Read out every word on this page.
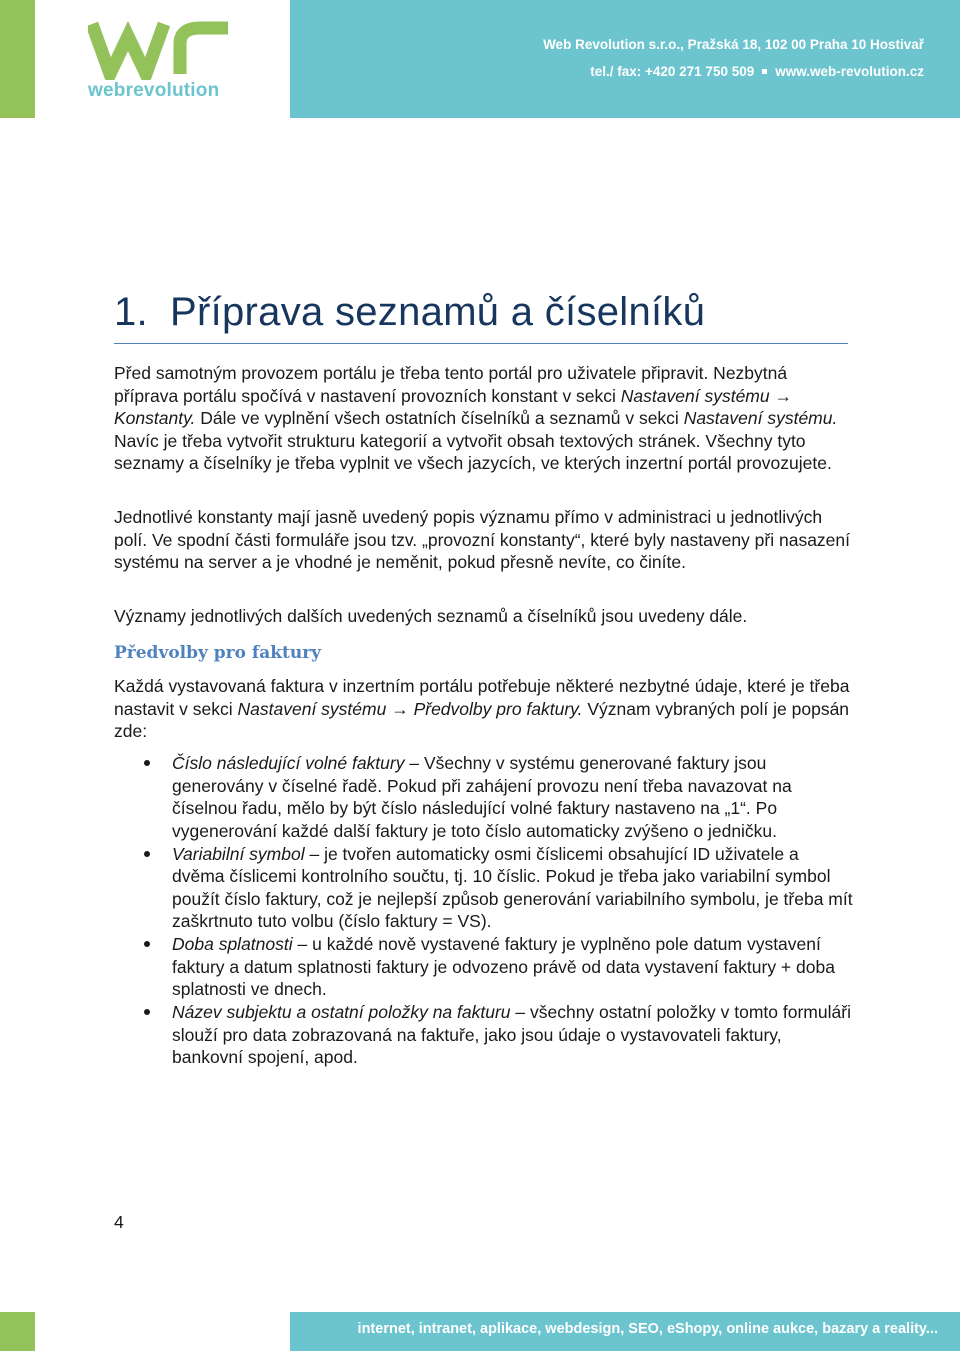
webrevolution
Web Revolution s.r.o., Pražská 18, 102 00 Praha 10 Hostivař
tel./ fax: +420 271 750 509 www.web-revolution.cz
1. Příprava seznamů a číselníků

Před samotným provozem portálu je třeba tento portál pro uživatele připravit. Nezbytná příprava portálu spočívá v nastavení provozních konstant v sekci Nastavení systému → Konstanty. Dále ve vyplnění všech ostatních číselníků a seznamů v sekci Nastavení systému. Navíc je třeba vytvořit strukturu kategorií a vytvořit obsah textových stránek. Všechny tyto seznamy a číselníky je třeba vyplnit ve všech jazycích, ve kterých inzertní portál provozujete.

Jednotlivé konstanty mají jasně uvedený popis významu přímo v administraci u jednotlivých polí. Ve spodní části formuláře jsou tzv. „provozní konstanty“, které byly nastaveny při nasazení systému na server a je vhodné je neměnit, pokud přesně nevíte, co činíte.

Významy jednotlivých dalších uvedených seznamů a číselníků jsou uvedeny dále.

Předvolby pro faktury

Každá vystavovaná faktura v inzertním portálu potřebuje některé nezbytné údaje, které je třeba nastavit v sekci Nastavení systému → Předvolby pro faktury. Význam vybraných polí je popsán zde:

Číslo následující volné faktury – Všechny v systému generované faktury jsou generovány v číselné řadě. Pokud při zahájení provozu není třeba navazovat na číselnou řadu, mělo by být číslo následující volné faktury nastaveno na „1“. Po vygenerování každé další faktury je toto číslo automaticky zvýšeno o jedničku.
Variabilní symbol – je tvořen automaticky osmi číslicemi obsahující ID uživatele a dvěma číslicemi kontrolního součtu, tj. 10 číslic. Pokud je třeba jako variabilní symbol použít číslo faktury, což je nejlepší způsob generování variabilního symbolu, je třeba mít zaškrtnuto tuto volbu (číslo faktury = VS).
Doba splatnosti – u každé nově vystavené faktury je vyplněno pole datum vystavení faktury a datum splatnosti faktury je odvozeno právě od data vystavení faktury + doba splatnosti ve dnech.
Název subjektu a ostatní položky na fakturu – všechny ostatní položky v tomto formuláři slouží pro data zobrazovaná na faktuře, jako jsou údaje o vystavovateli faktury, bankovní spojení, apod.
4
internet, intranet, aplikace, webdesign, SEO, eShopy, online aukce, bazary a reality...
